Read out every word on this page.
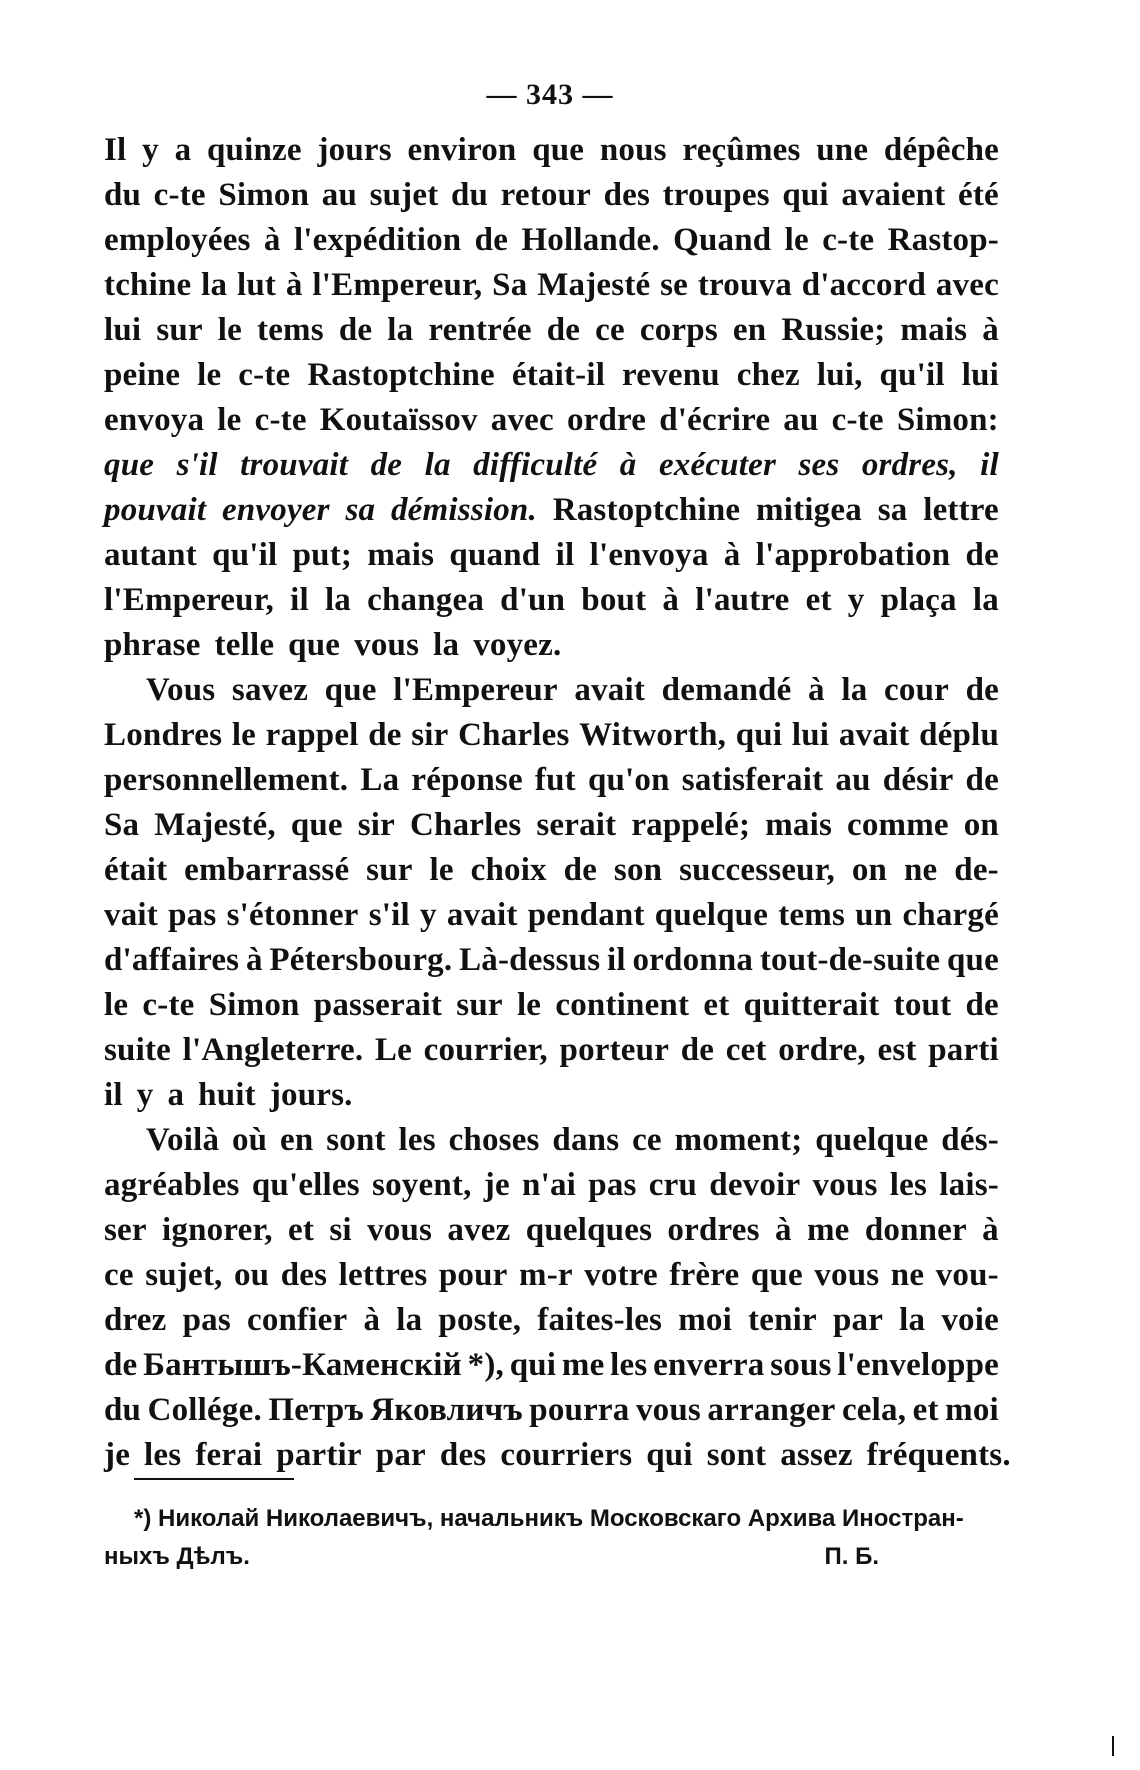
— 343 —
Il y a quinze jours environ que nous reçûmes une dépêche
du c-te Simon au sujet du retour des troupes qui avaient été
employées à l'expédition de Hollande. Quand le c-te Rastop-
tchine la lut à l'Empereur, Sa Majesté se trouva d'accord avec
lui sur le tems de la rentrée de ce corps en Russie; mais à
peine le c-te Rastoptchine était-il revenu chez lui, qu'il lui
envoya le c-te Koutaïssov avec ordre d'écrire au c-te Simon:
que s'il trouvait de la difficulté à exécuter ses ordres, il
pouvait envoyer sa démission. Rastoptchine mitigea sa lettre
autant qu'il put; mais quand il l'envoya à l'approbation de
l'Empereur, il la changea d'un bout à l'autre et y plaça la
phrase telle que vous la voyez.
Vous savez que l'Empereur avait demandé à la cour de
Londres le rappel de sir Charles Witworth, qui lui avait déplu
personnellement. La réponse fut qu'on satisferait au désir de
Sa Majesté, que sir Charles serait rappelé; mais comme on
était embarrassé sur le choix de son successeur, on ne de-
vait pas s'étonner s'il y avait pendant quelque tems un chargé
d'affaires à Pétersbourg. Là-dessus il ordonna tout-de-suite que
le c-te Simon passerait sur le continent et quitterait tout de
suite l'Angleterre. Le courrier, porteur de cet ordre, est parti
il y a huit jours.
Voilà où en sont les choses dans ce moment; quelque dés-
agréables qu'elles soyent, je n'ai pas cru devoir vous les lais-
ser ignorer, et si vous avez quelques ordres à me donner à
ce sujet, ou des lettres pour m-r votre frère que vous ne vou-
drez pas confier à la poste, faites-les moi tenir par la voie
de Бантышъ-Каменскій *), qui me les enverra sous l'enveloppe
du Collége. Петръ Яковличъ pourra vous arranger cela, et moi
je les ferai partir par des courriers qui sont assez fréquents.
*) Николай Николаевичъ, начальникъ Московскаго Архива Иностран-
ныхъ Дѣлъ.	П. Б.
